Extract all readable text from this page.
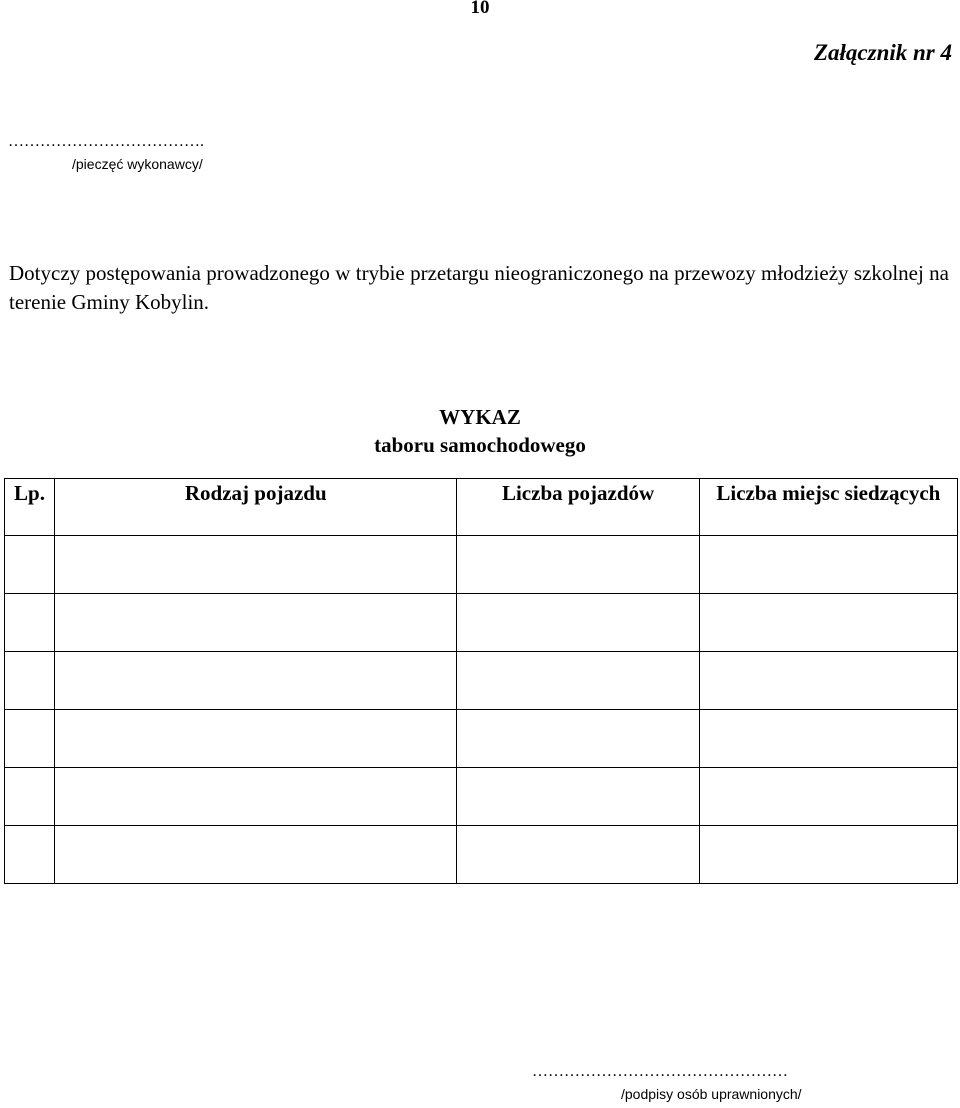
10
Załącznik nr 4
……………………………….
/pieczęć wykonawcy/
Dotyczy postępowania prowadzonego w trybie przetargu nieograniczonego na przewozy młodzieży szkolnej na terenie Gminy Kobylin.
WYKAZ
taboru samochodowego
Lp.	Rodzaj pojazdu	Liczba pojazdów	Liczba miejsc siedzących

…………………………………………
/podpisy osób uprawnionych/
